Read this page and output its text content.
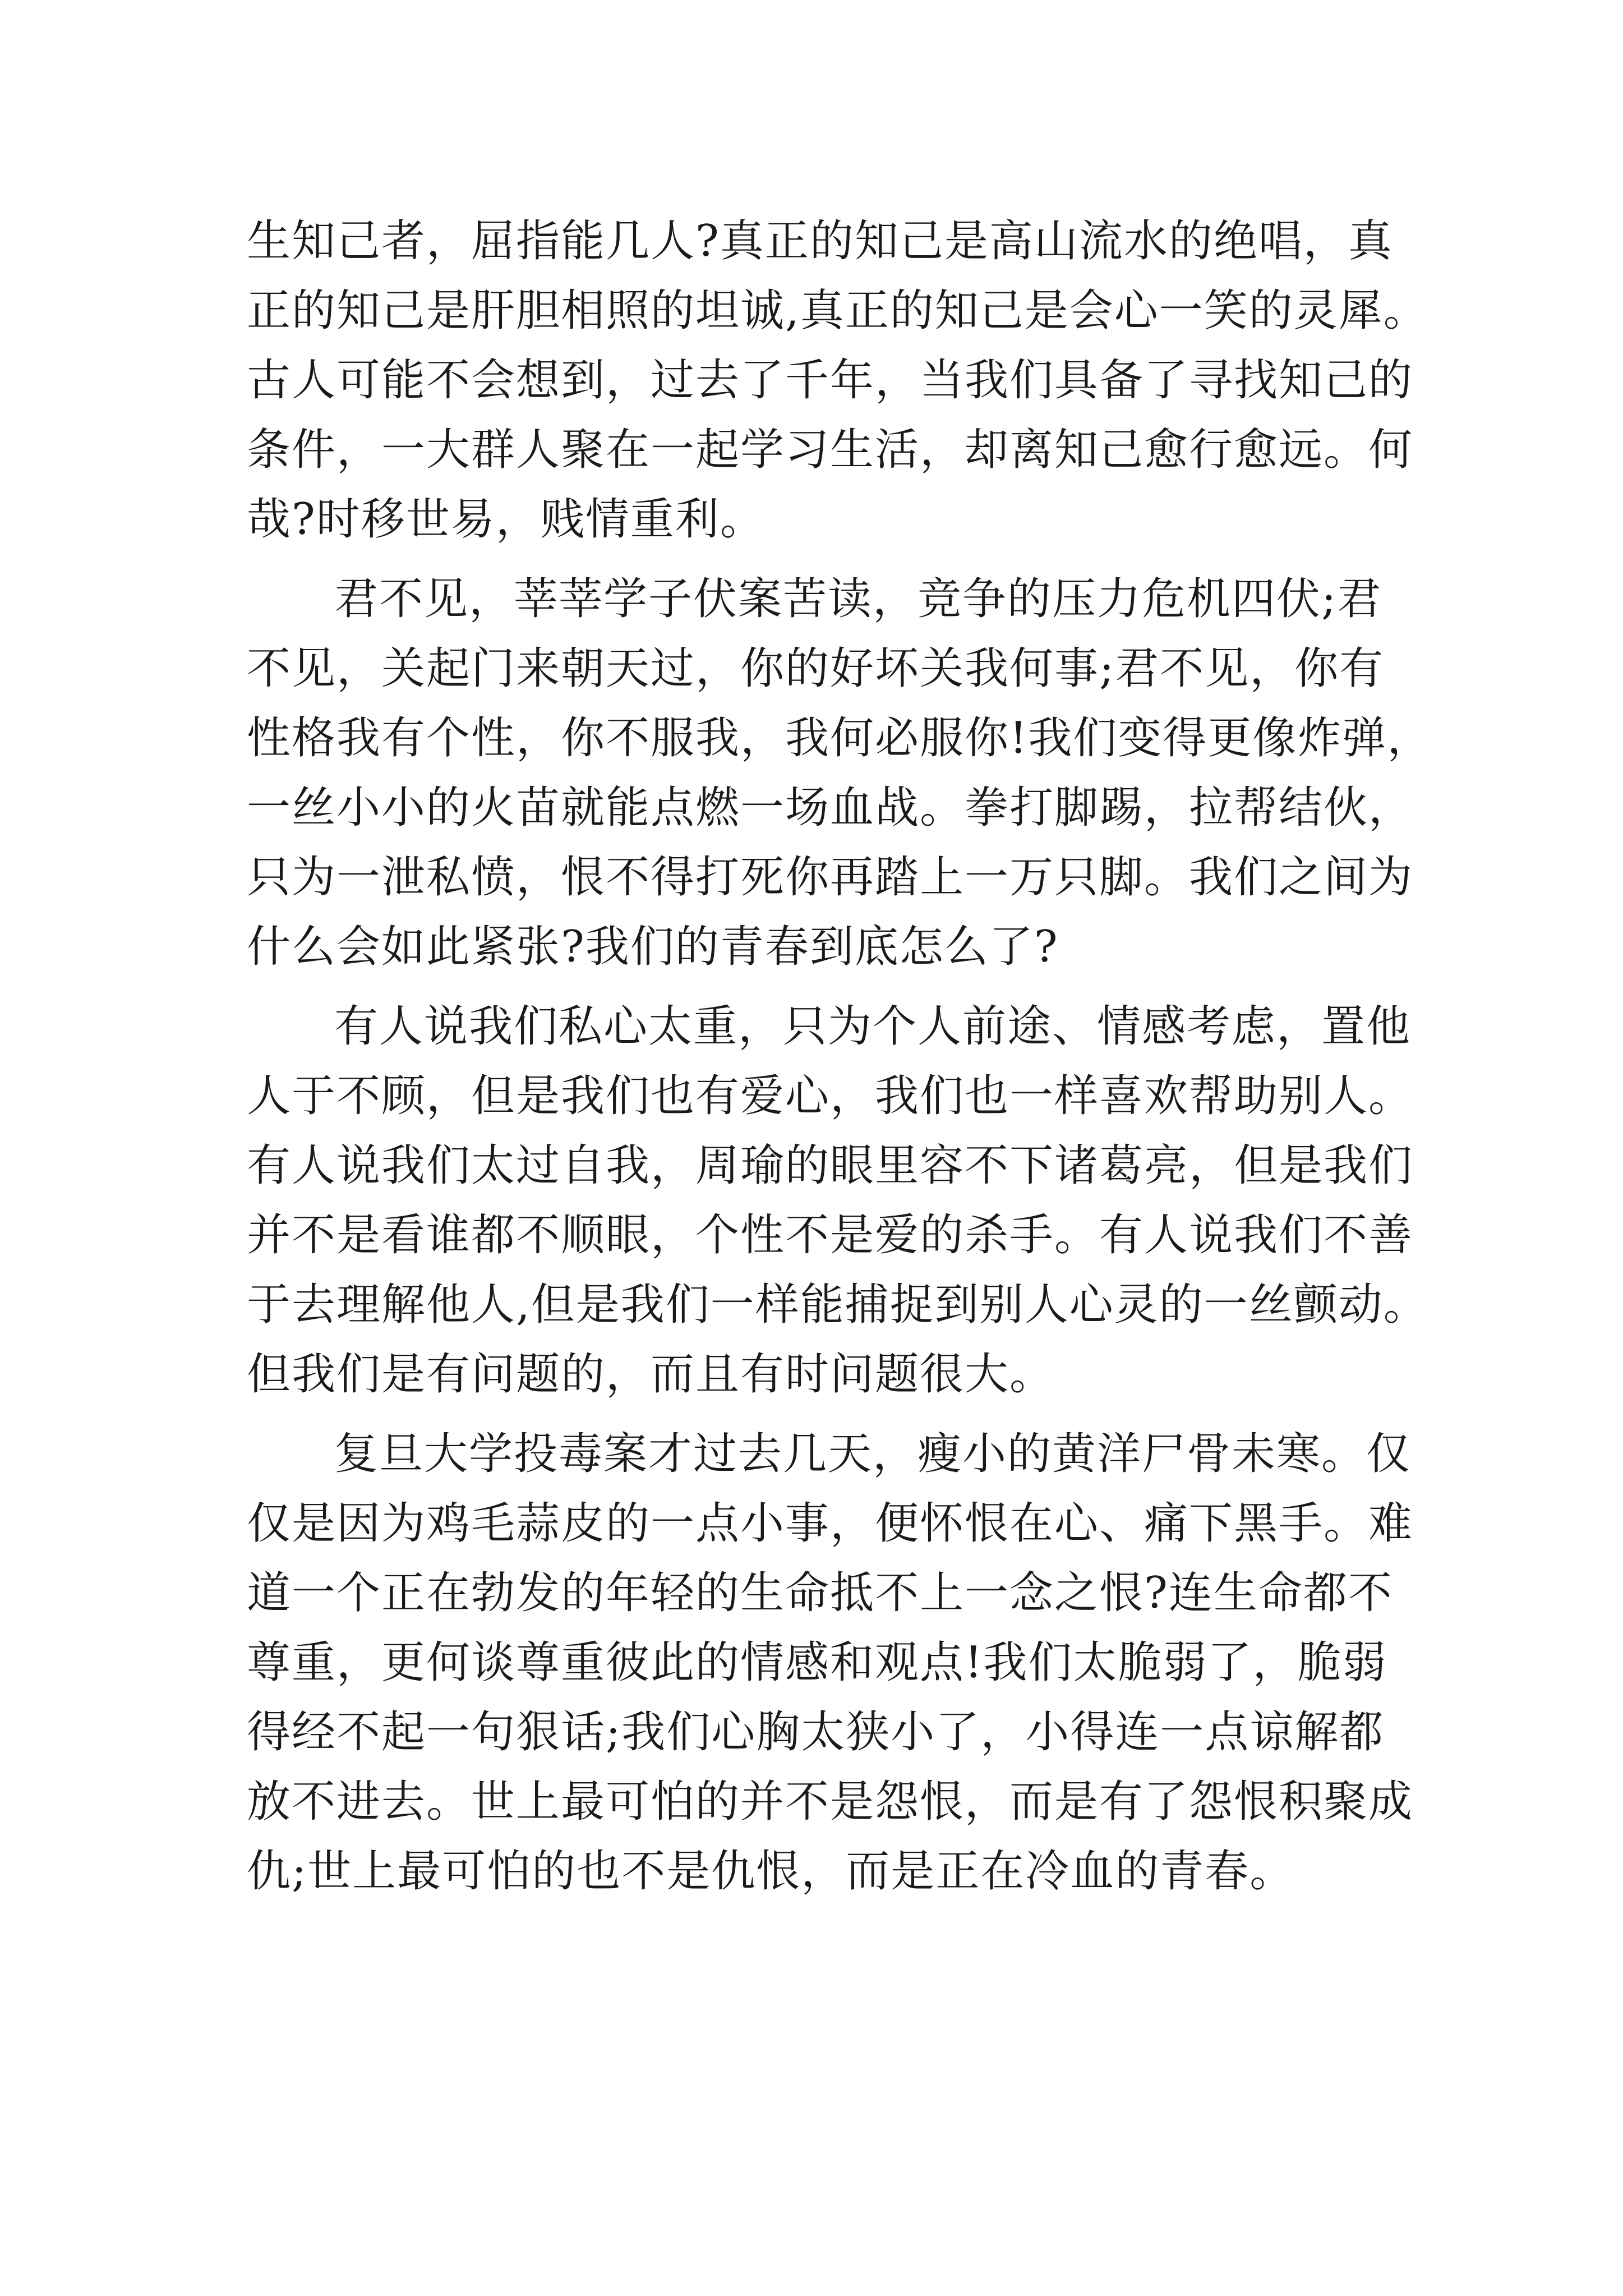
生知己者，屈指能几人?真正的知己是高山流水的绝唱，真
正的知己是肝胆相照的坦诚,真正的知己是会心一笑的灵犀。
古人可能不会想到，过去了千年，当我们具备了寻找知己的
条件，一大群人聚在一起学习生活，却离知己愈行愈远。何
哉?时移世易，贱情重利。
君不见，莘莘学子伏案苦读，竞争的压力危机四伏;君
不见，关起门来朝天过，你的好坏关我何事;君不见，你有
性格我有个性，你不服我，我何必服你!我们变得更像炸弹，
一丝小小的火苗就能点燃一场血战。拳打脚踢，拉帮结伙，
只为一泄私愤，恨不得打死你再踏上一万只脚。我们之间为
什么会如此紧张?我们的青春到底怎么了?
有人说我们私心太重，只为个人前途、情感考虑，置他
人于不顾，但是我们也有爱心，我们也一样喜欢帮助别人。
有人说我们太过自我，周瑜的眼里容不下诸葛亮，但是我们
并不是看谁都不顺眼，个性不是爱的杀手。有人说我们不善
于去理解他人,但是我们一样能捕捉到别人心灵的一丝颤动。
但我们是有问题的，而且有时问题很大。
复旦大学投毒案才过去几天，瘦小的黄洋尸骨未寒。仅
仅是因为鸡毛蒜皮的一点小事，便怀恨在心、痛下黑手。难
道一个正在勃发的年轻的生命抵不上一念之恨?连生命都不
尊重，更何谈尊重彼此的情感和观点!我们太脆弱了，脆弱
得经不起一句狠话;我们心胸太狭小了，小得连一点谅解都
放不进去。世上最可怕的并不是怨恨，而是有了怨恨积聚成
仇;世上最可怕的也不是仇恨，而是正在冷血的青春。
